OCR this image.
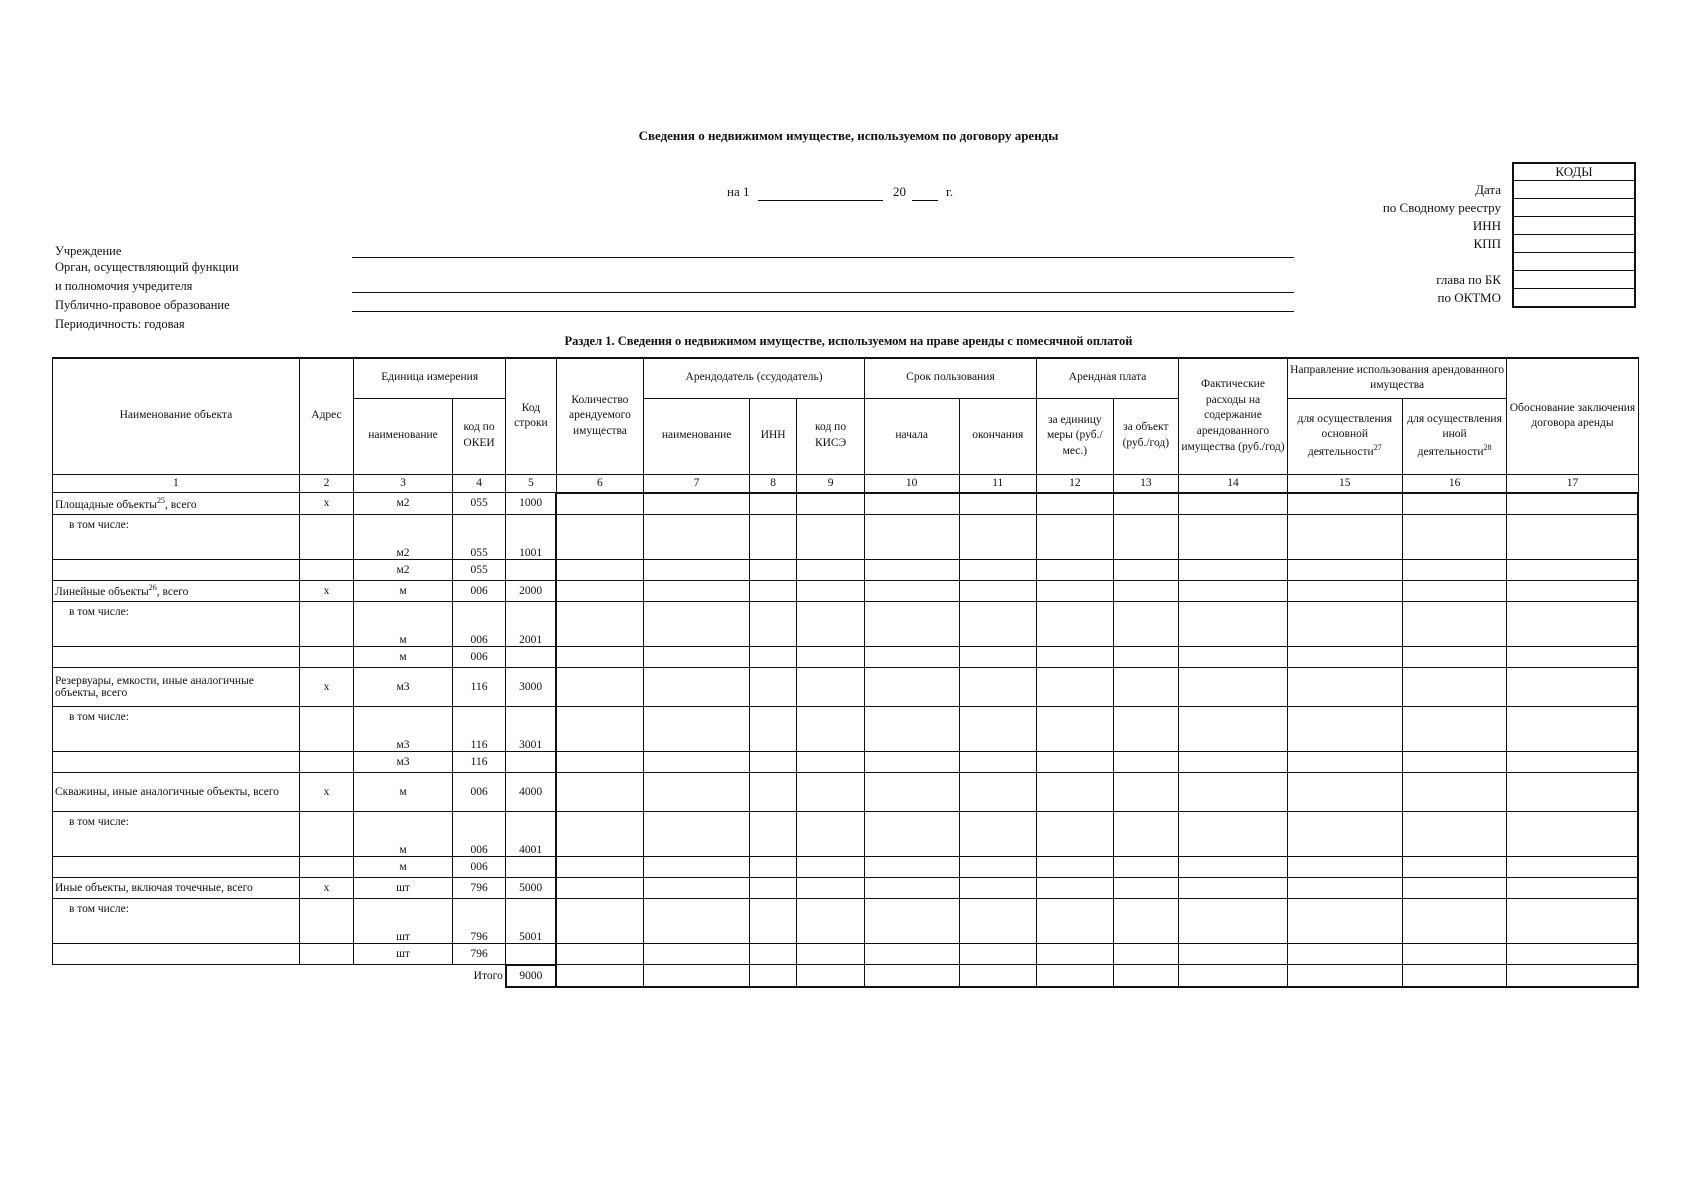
Сведения о недвижимом имуществе, используемом по договору аренды
на 1	20	г.
КОДЫ
Дата
по Сводному реестру
ИНН
КПП
глава по БК
по ОКТМО
Учреждение
Орган, осуществляющий функции
и полномочия учредителя
Публично-правовое образование
Периодичность: годовая
Раздел 1. Сведения о недвижимом имуществе, используемом на праве аренды с помесячной оплатой
Наименование объекта	Адрес	Единица измерения		Код строки	Количество арендуемого имущества	Арендодатель (ссудодатель)			Срок пользования		Арендная плата		Фактические расходы на содержание арендованного имущества (руб./год)	Направление использования арендованного имущества		Обоснование заключения договора аренды
		наименование	код по ОКЕИ			наименование	ИНН	код по КИСЭ	начала	окончания	за единицу меры (руб./мес.)	за объект (руб./год)		для осуществления основной деятельности$^{27}$	для осуществления иной деятельности$^{28}$
1	2	3	4	5	6	7	8	9	10	11	12	13	14	15	16	17
Площадные объекты$^{25}$, всего	х	м2	055	1000												
в том числе:		м2	055	1001												
		м2	055													
Линейные объекты$^{26}$, всего	х	м	006	2000												
в том числе:		м	006	2001												
		м	006													
Резервуары, емкости, иные аналогичные объекты, всего	х	м3	116	3000												
в том числе:		м3	116	3001												
		м3	116													
Скважины, иные аналогичные объекты, всего	х	м	006	4000												
в том числе:		м	006	4001												
		м	006													
Иные объекты, включая точечные, всего	х	шт	796	5000												
в том числе:		шт	796	5001												
		шт	796													
			Итого	9000												
